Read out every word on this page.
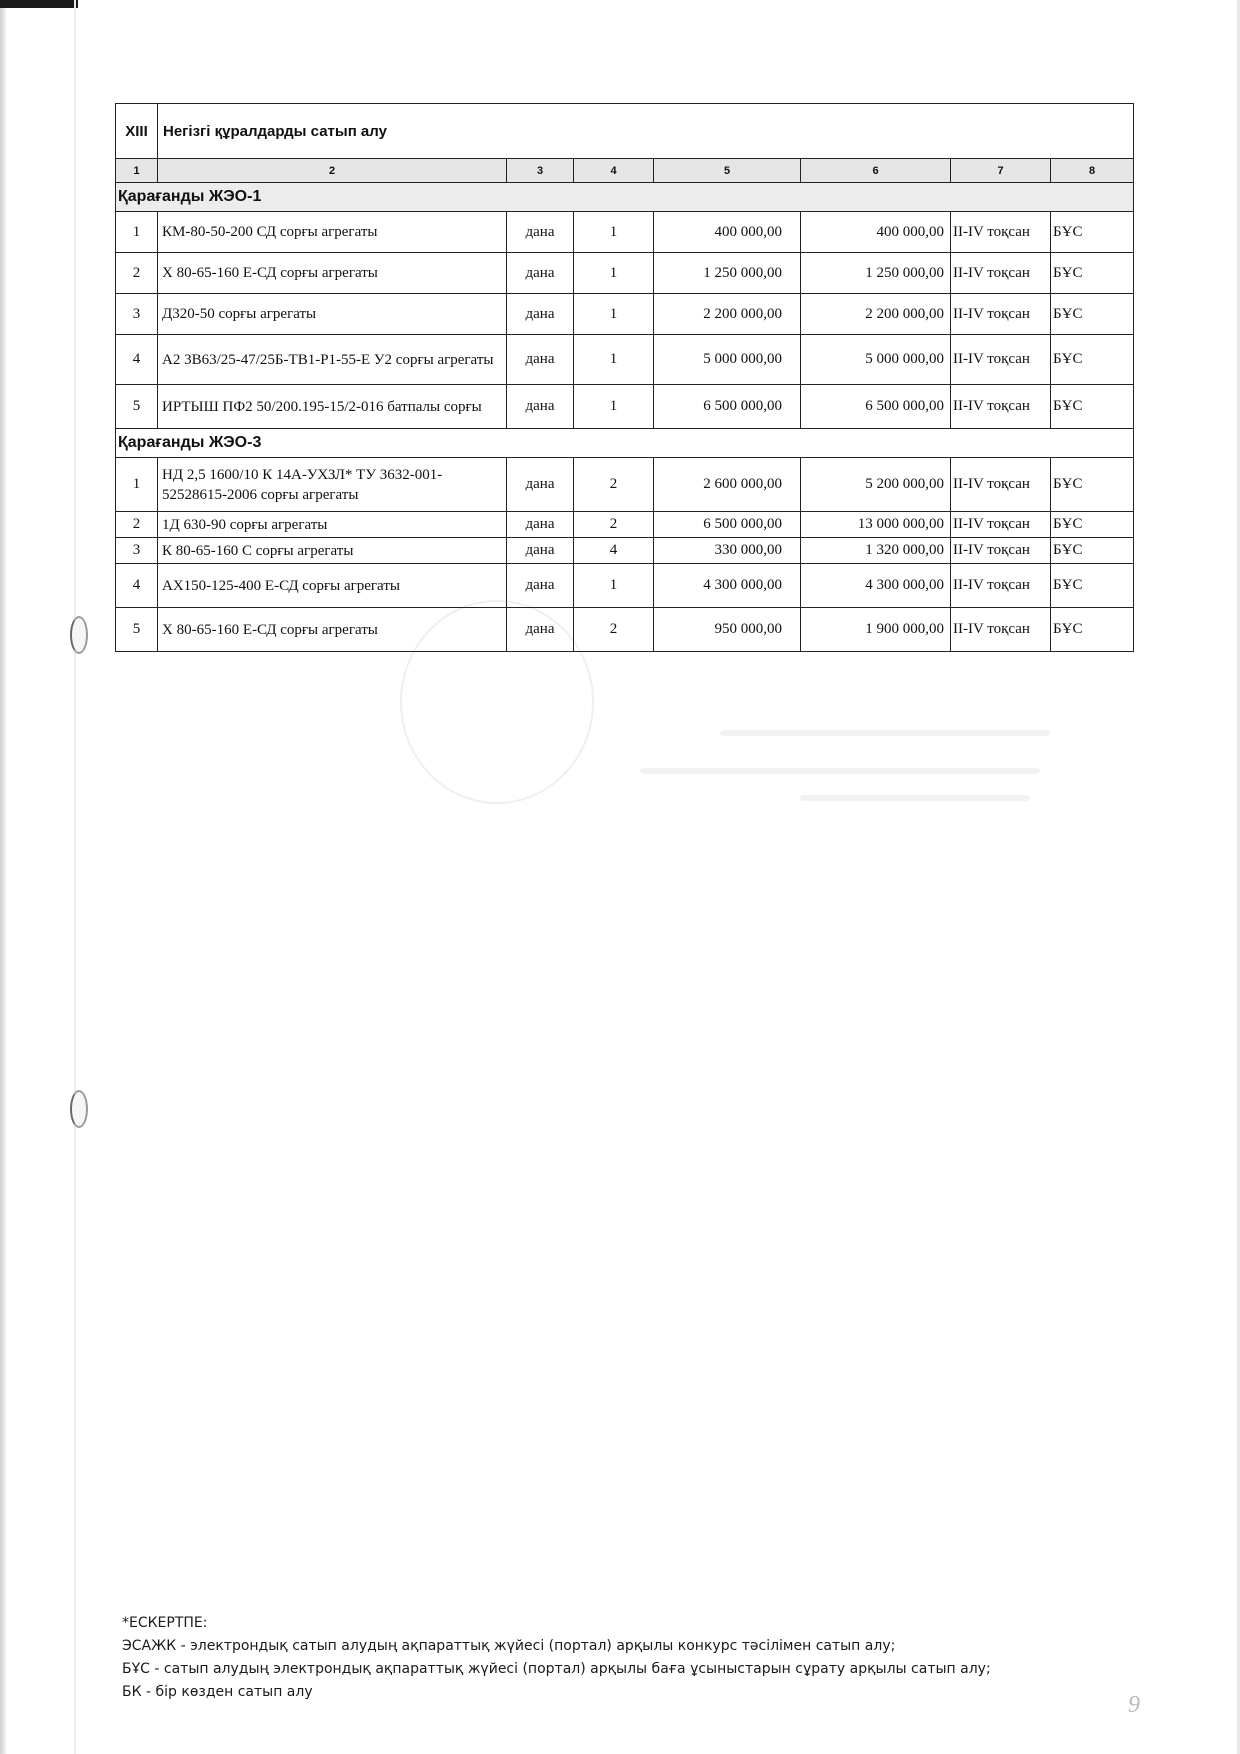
XIII	Негізгі құралдарды сатып алу						
1	2	3	4	5	6	7	8
Қарағанды ЖЭО-1							
1	КМ-80-50-200 СД сорғы агрегаты	дана	1	400 000,00	400 000,00	II-IV тоқсан	БҰС
2	Х 80-65-160 Е-СД сорғы агрегаты	дана	1	1 250 000,00	1 250 000,00	II-IV тоқсан	БҰС
3	Д320-50 сорғы агрегаты	дана	1	2 200 000,00	2 200 000,00	II-IV тоқсан	БҰС
4	А2 3В63/25-47/25Б-ТВ1-Р1-55-Е У2 сорғы агрегаты	дана	1	5 000 000,00	5 000 000,00	II-IV тоқсан	БҰС
5	ИРТЫШ ПФ2 50/200.195-15/2-016 батпалы сорғы	дана	1	6 500 000,00	6 500 000,00	II-IV тоқсан	БҰС
Қарағанды ЖЭО-3							
1	НД 2,5 1600/10 К 14А-УХЗЛ* ТУ 3632-001-52528615-2006 сорғы агрегаты	дана	2	2 600 000,00	5 200 000,00	II-IV тоқсан	БҰС
2	1Д 630-90 сорғы агрегаты	дана	2	6 500 000,00	13 000 000,00	II-IV тоқсан	БҰС
3	К 80-65-160 С сорғы агрегаты	дана	4	330 000,00	1 320 000,00	II-IV тоқсан	БҰС
4	АХ150-125-400 Е-СД сорғы агрегаты	дана	1	4 300 000,00	4 300 000,00	II-IV тоқсан	БҰС
5	Х 80-65-160 Е-СД сорғы агрегаты	дана	2	950 000,00	1 900 000,00	II-IV тоқсан	БҰС
*ЕСКЕРТПЕ:
ЭСАЖК - электрондық сатып алудың ақпараттық жүйесі (портал) арқылы конкурс тәсілімен сатып алу;
БҰС - сатып алудың электрондық ақпараттық жүйесі (портал) арқылы баға ұсыныстарын сұрату арқылы сатып алу;
БК - бір көзден сатып алу	9
